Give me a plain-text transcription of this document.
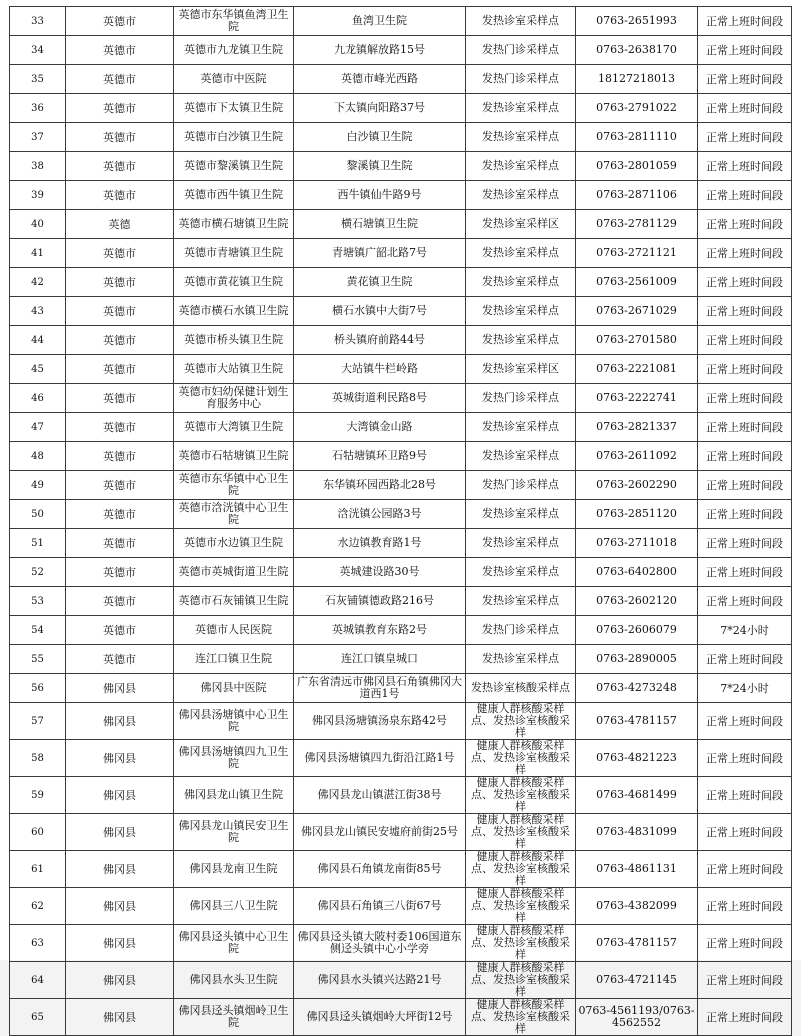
33	英德市	英德市东华镇鱼湾卫生院	鱼湾卫生院	发热诊室采样点	0763-2651993	正常上班时间段
34	英德市	英德市九龙镇卫生院	九龙镇解放路15号	发热门诊采样点	0763-2638170	正常上班时间段
35	英德市	英德市中医院	英德市峰光西路	发热门诊采样点	18127218013	正常上班时间段
36	英德市	英德市下太镇卫生院	下太镇向阳路37号	发热诊室采样点	0763-2791022	正常上班时间段
37	英德市	英德市白沙镇卫生院	白沙镇卫生院	发热诊室采样点	0763-2811110	正常上班时间段
38	英德市	英德市黎溪镇卫生院	黎溪镇卫生院	发热诊室采样点	0763-2801059	正常上班时间段
39	英德市	英德市西牛镇卫生院	西牛镇仙牛路9号	发热诊室采样点	0763-2871106	正常上班时间段
40	英德	英德市横石塘镇卫生院	横石塘镇卫生院	发热诊室采样区	0763-2781129	正常上班时间段
41	英德市	英德市青塘镇卫生院	青塘镇广韶北路7号	发热诊室采样点	0763-2721121	正常上班时间段
42	英德市	英德市黄花镇卫生院	黄花镇卫生院	发热诊室采样点	0763-2561009	正常上班时间段
43	英德市	英德市横石水镇卫生院	横石水镇中大街7号	发热诊室采样点	0763-2671029	正常上班时间段
44	英德市	英德市桥头镇卫生院	桥头镇府前路44号	发热诊室采样点	0763-2701580	正常上班时间段
45	英德市	英德市大站镇卫生院	大站镇牛栏岭路	发热诊室采样区	0763-2221081	正常上班时间段
46	英德市	英德市妇幼保健计划生育服务中心	英城街道利民路8号	发热门诊采样点	0763-2222741	正常上班时间段
47	英德市	英德市大湾镇卫生院	大湾镇金山路	发热诊室采样点	0763-2821337	正常上班时间段
48	英德市	英德市石牯塘镇卫生院	石牯塘镇环卫路9号	发热诊室采样点	0763-2611092	正常上班时间段
49	英德市	英德市东华镇中心卫生院	东华镇环园西路北28号	发热门诊采样点	0763-2602290	正常上班时间段
50	英德市	英德市浛洸镇中心卫生院	浛洸镇公园路3号	发热诊室采样点	0763-2851120	正常上班时间段
51	英德市	英德市水边镇卫生院	水边镇教育路1号	发热诊室采样点	0763-2711018	正常上班时间段
52	英德市	英德市英城街道卫生院	英城建设路30号	发热诊室采样点	0763-6402800	正常上班时间段
53	英德市	英德市石灰铺镇卫生院	石灰铺镇德政路216号	发热诊室采样点	0763-2602120	正常上班时间段
54	英德市	英德市人民医院	英城镇教育东路2号	发热门诊采样点	0763-2606079	7*24小时
55	英德市	连江口镇卫生院	连江口镇皇城口	发热诊室采样点	0763-2890005	正常上班时间段
56	佛冈县	佛冈县中医院	广东省清远市佛冈县石角镇佛冈大道西1号	发热诊室核酸采样点	0763-4273248	7*24小时
57	佛冈县	佛冈县汤塘镇中心卫生院	佛冈县汤塘镇汤泉东路42号	健康人群核酸采样点、发热诊室核酸采样	0763-4781157	正常上班时间段
58	佛冈县	佛冈县汤塘镇四九卫生院	佛冈县汤塘镇四九街沿江路1号	健康人群核酸采样点、发热诊室核酸采样	0763-4821223	正常上班时间段
59	佛冈县	佛冈县龙山镇卫生院	佛冈县龙山镇湛江街38号	健康人群核酸采样点、发热诊室核酸采样	0763-4681499	正常上班时间段
60	佛冈县	佛冈县龙山镇民安卫生院	佛冈县龙山镇民安墟府前街25号	健康人群核酸采样点、发热诊室核酸采样	0763-4831099	正常上班时间段
61	佛冈县	佛冈县龙南卫生院	佛冈县石角镇龙南街85号	健康人群核酸采样点、发热诊室核酸采样	0763-4861131	正常上班时间段
62	佛冈县	佛冈县三八卫生院	佛冈县石角镇三八街67号	健康人群核酸采样点、发热诊室核酸采样	0763-4382099	正常上班时间段
63	佛冈县	佛冈县迳头镇中心卫生院	佛冈县迳头镇大陂村委106国道东侧迳头镇中心小学旁	健康人群核酸采样点、发热诊室核酸采样	0763-4781157	正常上班时间段
64	佛冈县	佛冈县水头卫生院	佛冈县水头镇兴达路21号	健康人群核酸采样点、发热诊室核酸采样	0763-4721145	正常上班时间段
65	佛冈县	佛冈县迳头镇烟岭卫生院	佛冈县迳头镇烟岭大坪街12号	健康人群核酸采样点、发热诊室核酸采样	0763-4561193/0763-4562552	正常上班时间段
